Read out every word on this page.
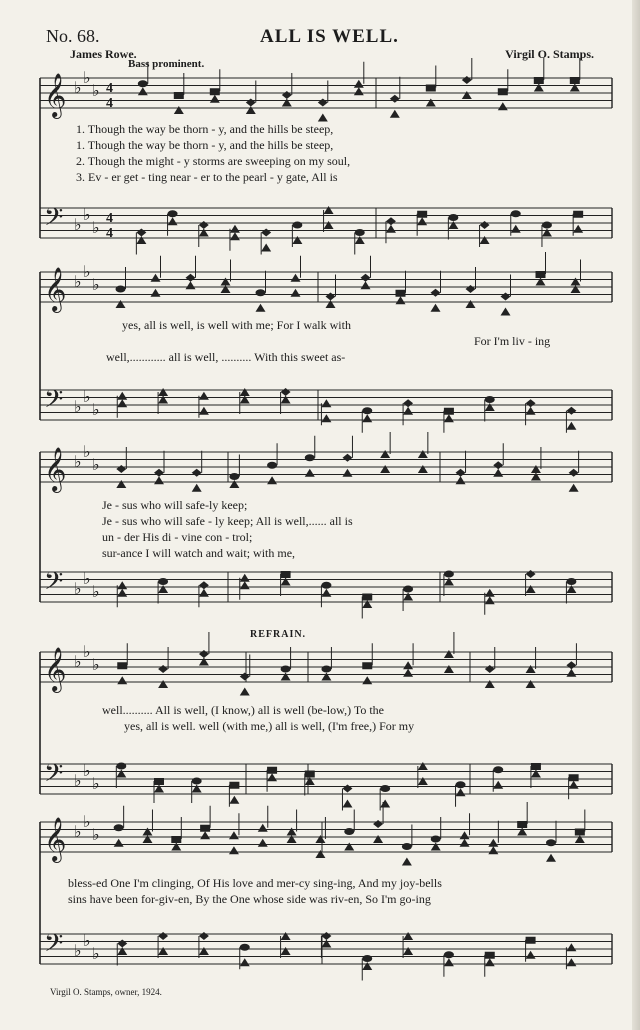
No. 68.	ALL IS WELL.
James Rowe.	Virgil O. Stamps.
Bass prominent.
𝄞 ♭
♭
♭ 4
4
𝄢 ♭
♭
♭ 4
4
𝄞 ♭
♭
♭
𝄢 ♭
♭
♭
𝄞 ♭
♭
♭
𝄢 ♭
♭
♭
𝄞 ♭
♭
♭
𝄢 ♭
♭
♭
𝄞 ♭
♭
♭
𝄢 ♭
♭
♭
1. Though the way be thorn - y, and the hills be steep,
1. Though the way be thorn - y, and the hills be steep,
2. Though the might - y storms are sweeping on my soul,
3. Ev - er get - ting near - er to the pearl - y gate, All is
yes, all is well, is well with me; For I walk with
For I'm liv - ing
well,............ all is well, .......... With this sweet as-
Je - sus who will safe-ly keep;
Je - sus who will safe - ly keep; All is well,...... all is
un - der His di - vine con - trol;
sur-ance I will watch and wait; with me,
REFRAIN.
well.......... All is well, (I know,) all is well (be-low,) To the
yes, all is well. well (with me,) all is well, (I'm free,) For my
bless-ed One I'm clinging, Of His love and mer-cy sing-ing, And my joy-bells
sins have been for-giv-en, By the One whose side was riv-en, So I'm go-ing
Virgil O. Stamps, owner, 1924.
